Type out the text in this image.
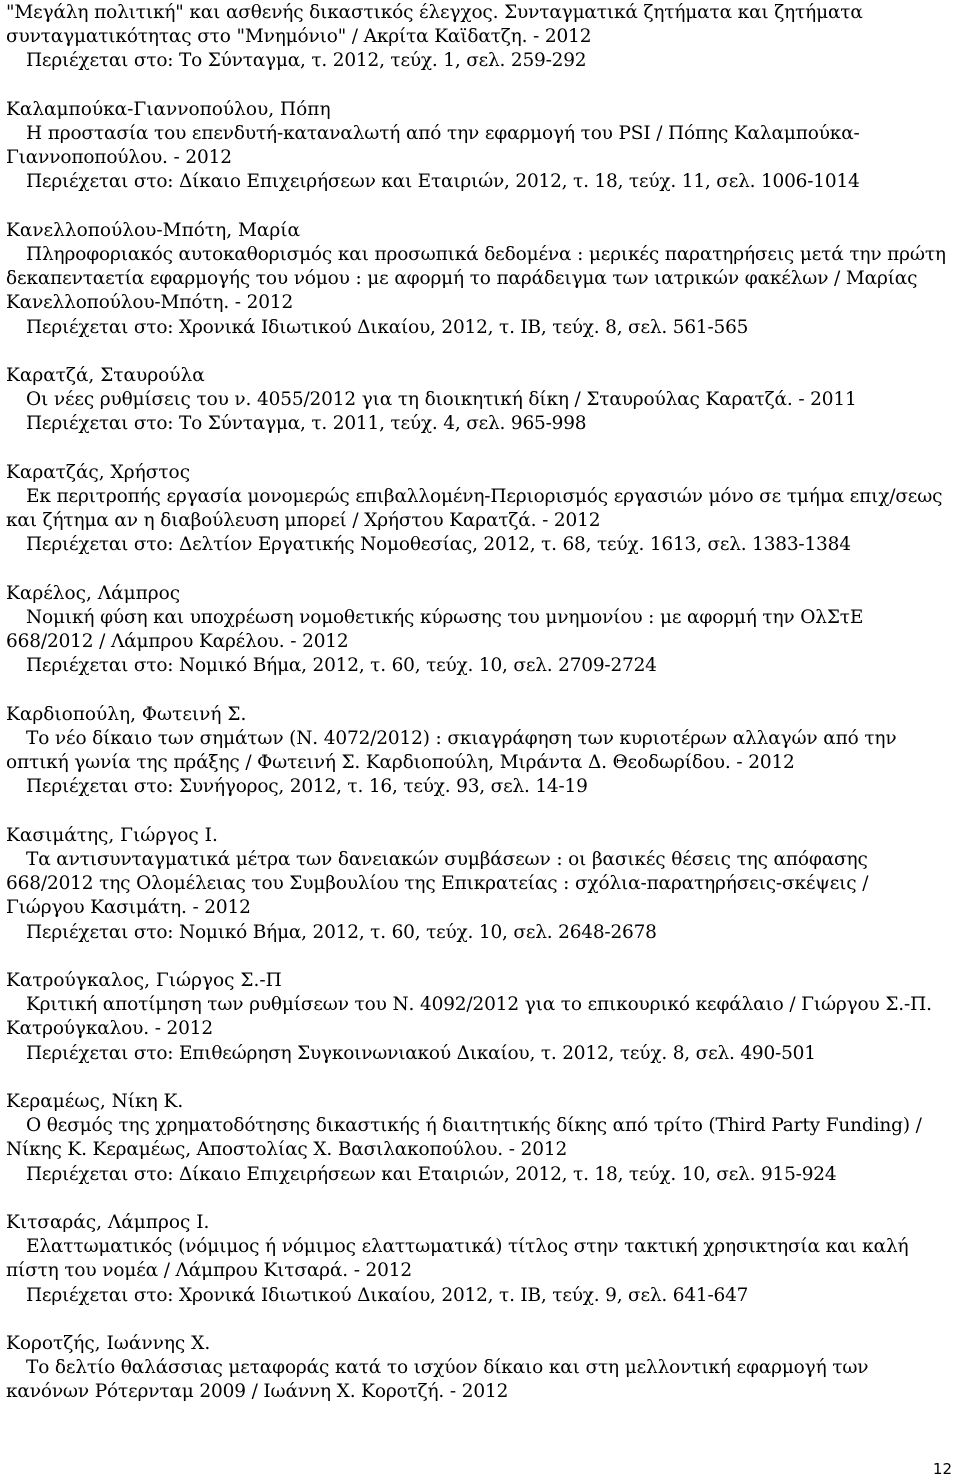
"Μεγάλη πολιτική" και ασθενής δικαστικός έλεγχος. Συνταγματικά ζητήματα και ζητήματα συνταγματικότητας στο "Μνημόνιο" / Ακρίτα Καϊδατζη. - 2012
Περιέχεται στο: Το Σύνταγμα, τ. 2012, τεύχ. 1, σελ. 259-292
Καλαμπούκα-Γιαννοπούλου, Πόπη
Η προστασία του επενδυτή-καταναλωτή από την εφαρμογή του PSI / Πόπης Καλαμπούκα-Γιαννοποπούλου. - 2012
Περιέχεται στο: Δίκαιο Επιχειρήσεων και Εταιριών, 2012, τ. 18, τεύχ. 11, σελ. 1006-1014
Κανελλοπούλου-Μπότη, Μαρία
Πληροφοριακός αυτοκαθορισμός και προσωπικά δεδομένα : μερικές παρατηρήσεις μετά την πρώτη δεκαπενταετία εφαρμογής του νόμου : με αφορμή το παράδειγμα των ιατρικών φακέλων / Μαρίας Κανελλοπούλου-Μπότη. - 2012
Περιέχεται στο: Χρονικά Ιδιωτικού Δικαίου, 2012, τ. ΙΒ, τεύχ. 8, σελ. 561-565
Καρατζά, Σταυρούλα
Οι νέες ρυθμίσεις του ν. 4055/2012 για τη διοικητική δίκη / Σταυρούλας Καρατζά. - 2011
Περιέχεται στο: Το Σύνταγμα, τ. 2011, τεύχ. 4, σελ. 965-998
Καρατζάς, Χρήστος
Εκ περιτροπής εργασία μονομερώς επιβαλλομένη-Περιορισμός εργασιών μόνο σε τμήμα επιχ/σεως και ζήτημα αν η διαβούλευση μπορεί / Χρήστου Καρατζά. - 2012
Περιέχεται στο: Δελτίον Εργατικής Νομοθεσίας, 2012, τ. 68, τεύχ. 1613, σελ. 1383-1384
Καρέλος, Λάμπρος
Νομική φύση και υποχρέωση νομοθετικής κύρωσης του μνημονίου : με αφορμή την ΟλΣτΕ 668/2012 / Λάμπρου Καρέλου. - 2012
Περιέχεται στο: Νομικό Βήμα, 2012, τ. 60, τεύχ. 10, σελ. 2709-2724
Καρδιοπούλη, Φωτεινή Σ.
Το νέο δίκαιο των σημάτων (Ν. 4072/2012) : σκιαγράφηση των κυριοτέρων αλλαγών από την οπτική γωνία της πράξης / Φωτεινή Σ. Καρδιοπούλη, Μιράντα Δ. Θεοδωρίδου. - 2012
Περιέχεται στο: Συνήγορος, 2012, τ. 16, τεύχ. 93, σελ. 14-19
Κασιμάτης, Γιώργος Ι.
Τα αντισυνταγματικά μέτρα των δανειακών συμβάσεων : οι βασικές θέσεις της απόφασης 668/2012 της Ολομέλειας του Συμβουλίου της Επικρατείας : σχόλια-παρατηρήσεις-σκέψεις / Γιώργου Κασιμάτη. - 2012
Περιέχεται στο: Νομικό Βήμα, 2012, τ. 60, τεύχ. 10, σελ. 2648-2678
Κατρούγκαλος, Γιώργος Σ.-Π
Κριτική αποτίμηση των ρυθμίσεων του Ν. 4092/2012 για το επικουρικό κεφάλαιο / Γιώργου Σ.-Π. Κατρούγκαλου. - 2012
Περιέχεται στο: Επιθεώρηση Συγκοινωνιακού Δικαίου, τ. 2012, τεύχ. 8, σελ. 490-501
Κεραμέως, Νίκη Κ.
Ο θεσμός της χρηματοδότησης δικαστικής ή διαιτητικής δίκης από τρίτο (Third Party Funding) / Νίκης Κ. Κεραμέως, Αποστολίας Χ. Βασιλακοπούλου. - 2012
Περιέχεται στο: Δίκαιο Επιχειρήσεων και Εταιριών, 2012, τ. 18, τεύχ. 10, σελ. 915-924
Κιτσαράς, Λάμπρος Ι.
Ελαττωματικός (νόμιμος ή νόμιμος ελαττωματικά) τίτλος στην τακτική χρησικτησία και καλή πίστη του νομέα / Λάμπρου Κιτσαρά. - 2012
Περιέχεται στο: Χρονικά Ιδιωτικού Δικαίου, 2012, τ. ΙΒ, τεύχ. 9, σελ. 641-647
Κοροτζής, Ιωάννης Χ.
Το δελτίο θαλάσσιας μεταφοράς κατά το ισχύον δίκαιο και στη μελλοντική εφαρμογή των κανόνων Ρότερνταμ 2009 / Ιωάννη Χ. Κοροτζή. - 2012
12
